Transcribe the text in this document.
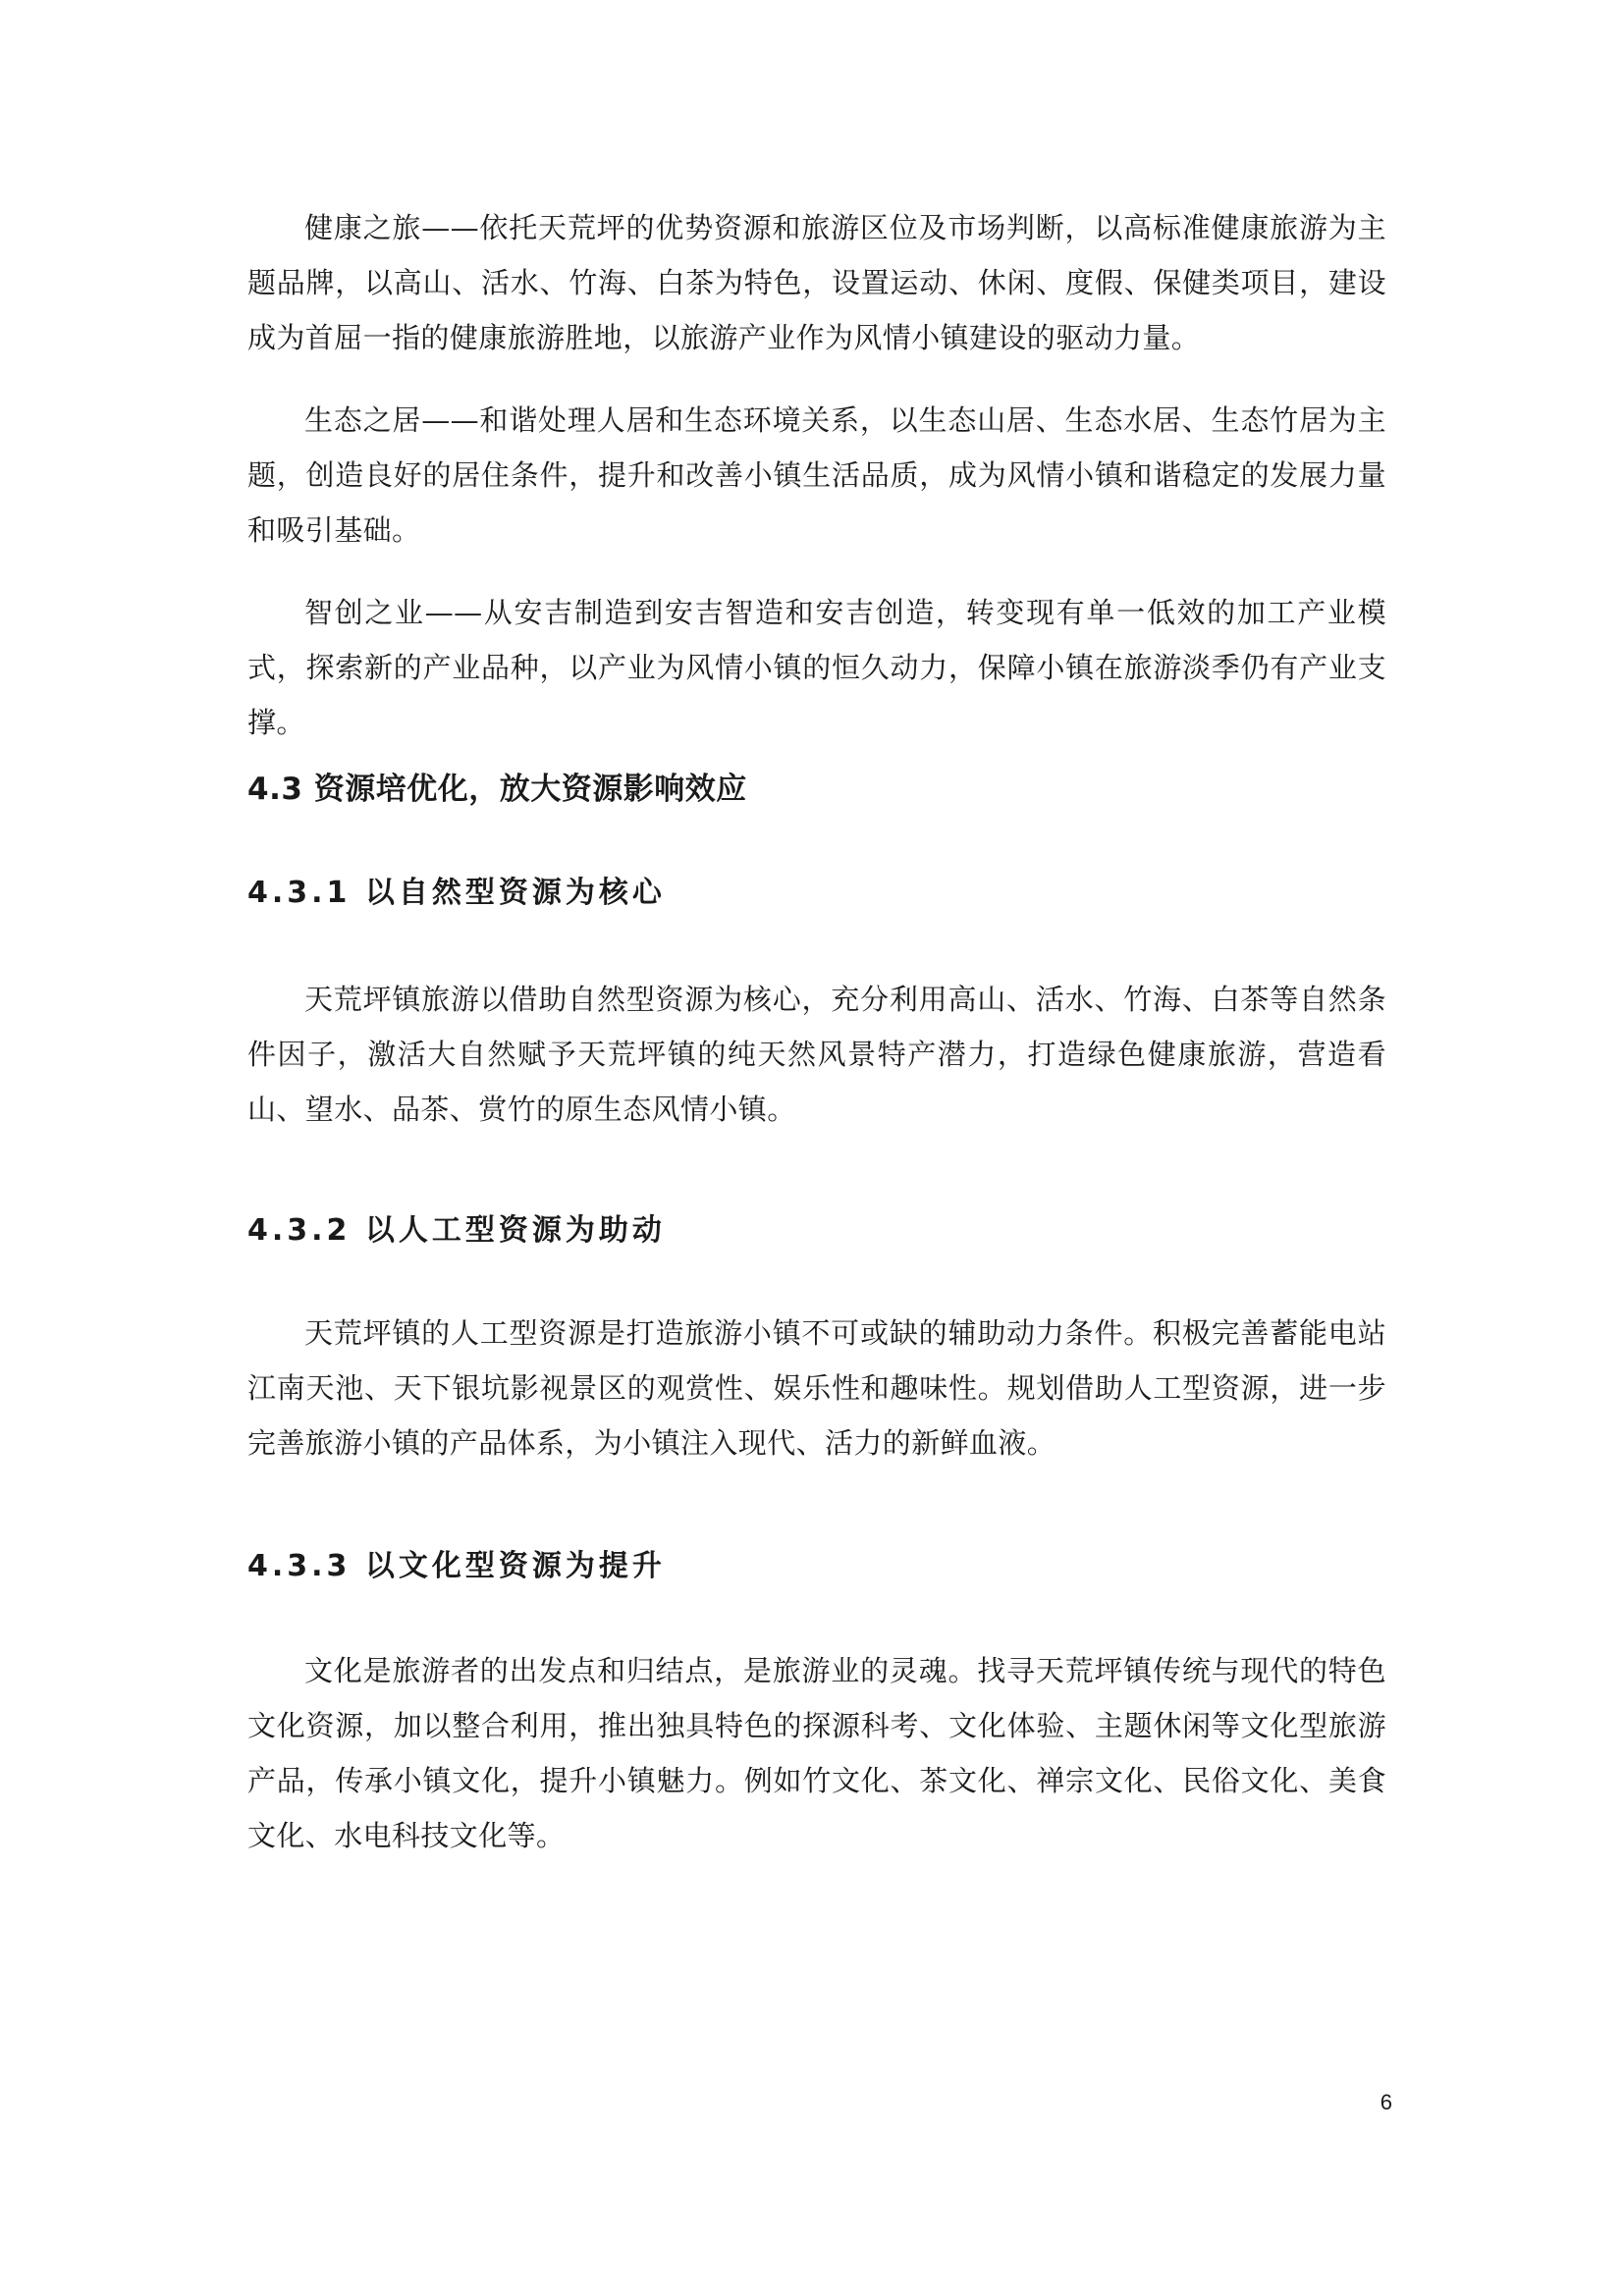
健康之旅——依托天荒坪的优势资源和旅游区位及市场判断，以高标准健康旅游为主题品牌，以高山、活水、竹海、白茶为特色，设置运动、休闲、度假、保健类项目，建设成为首屈一指的健康旅游胜地，以旅游产业作为风情小镇建设的驱动力量。

生态之居——和谐处理人居和生态环境关系，以生态山居、生态水居、生态竹居为主题，创造良好的居住条件，提升和改善小镇生活品质，成为风情小镇和谐稳定的发展力量和吸引基础。

智创之业——从安吉制造到安吉智造和安吉创造，转变现有单一低效的加工产业模式，探索新的产业品种，以产业为风情小镇的恒久动力，保障小镇在旅游淡季仍有产业支撑。

4.3 资源培优化，放大资源影响效应
4.3.1 以自然型资源为核心

天荒坪镇旅游以借助自然型资源为核心，充分利用高山、活水、竹海、白茶等自然条件因子，激活大自然赋予天荒坪镇的纯天然风景特产潜力，打造绿色健康旅游，营造看山、望水、品茶、赏竹的原生态风情小镇。

4.3.2 以人工型资源为助动

天荒坪镇的人工型资源是打造旅游小镇不可或缺的辅助动力条件。积极完善蓄能电站江南天池、天下银坑影视景区的观赏性、娱乐性和趣味性。规划借助人工型资源，进一步完善旅游小镇的产品体系，为小镇注入现代、活力的新鲜血液。

4.3.3 以文化型资源为提升

文化是旅游者的出发点和归结点，是旅游业的灵魂。找寻天荒坪镇传统与现代的特色文化资源，加以整合利用，推出独具特色的探源科考、文化体验、主题休闲等文化型旅游产品，传承小镇文化，提升小镇魅力。例如竹文化、茶文化、禅宗文化、民俗文化、美食文化、水电科技文化等。

6
